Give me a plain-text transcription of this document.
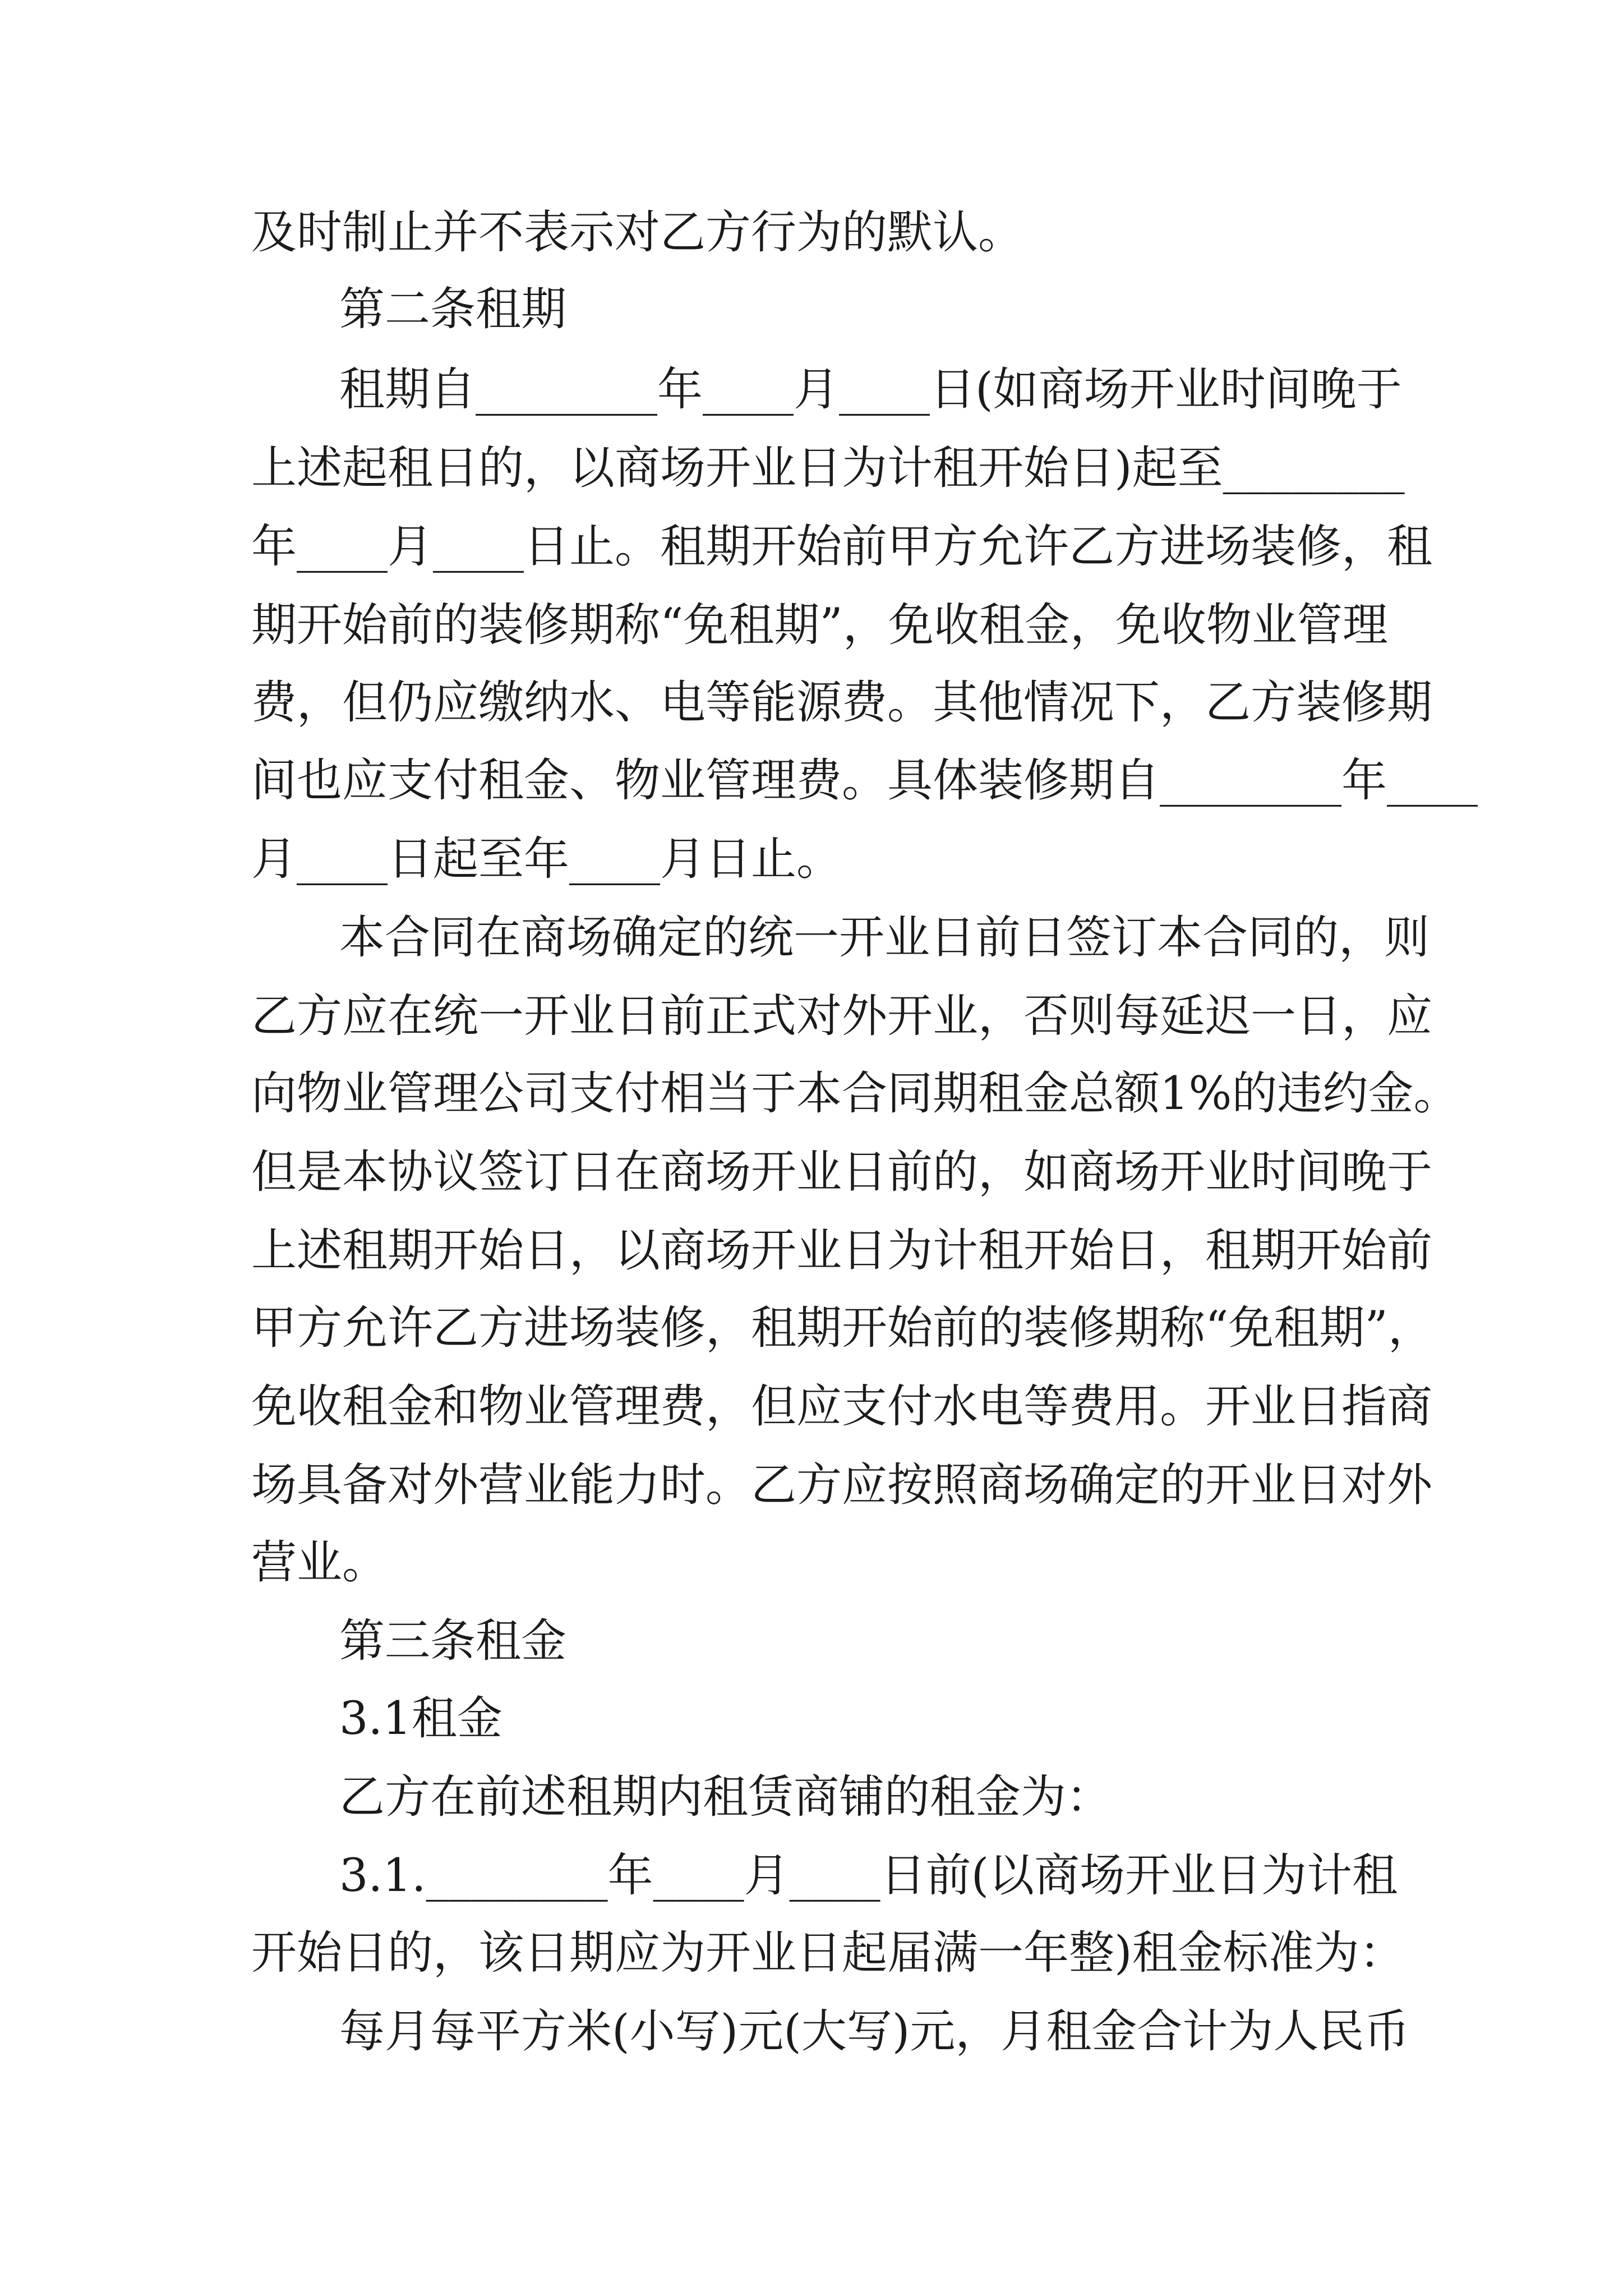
及时制止并不表示对乙方行为的默认。
第二条租期
租期自________年____月____日(如商场开业时间晚于
上述起租日的，以商场开业日为计租开始日)起至________
年____月____日止。租期开始前甲方允许乙方进场装修，租
期开始前的装修期称“免租期”，免收租金，免收物业管理
费，但仍应缴纳水、电等能源费。其他情况下，乙方装修期
间也应支付租金、物业管理费。具体装修期自________年____
月____日起至年____月日止。
本合同在商场确定的统一开业日前日签订本合同的，则
乙方应在统一开业日前正式对外开业，否则每延迟一日，应
向物业管理公司支付相当于本合同期租金总额1%的违约金。
但是本协议签订日在商场开业日前的，如商场开业时间晚于
上述租期开始日，以商场开业日为计租开始日，租期开始前
甲方允许乙方进场装修，租期开始前的装修期称“免租期”，
免收租金和物业管理费，但应支付水电等费用。开业日指商
场具备对外营业能力时。乙方应按照商场确定的开业日对外
营业。
第三条租金
3.1租金
乙方在前述租期内租赁商铺的租金为：
3.1.________年____月____日前(以商场开业日为计租
开始日的，该日期应为开业日起届满一年整)租金标准为：
每月每平方米(小写)元(大写)元，月租金合计为人民币
